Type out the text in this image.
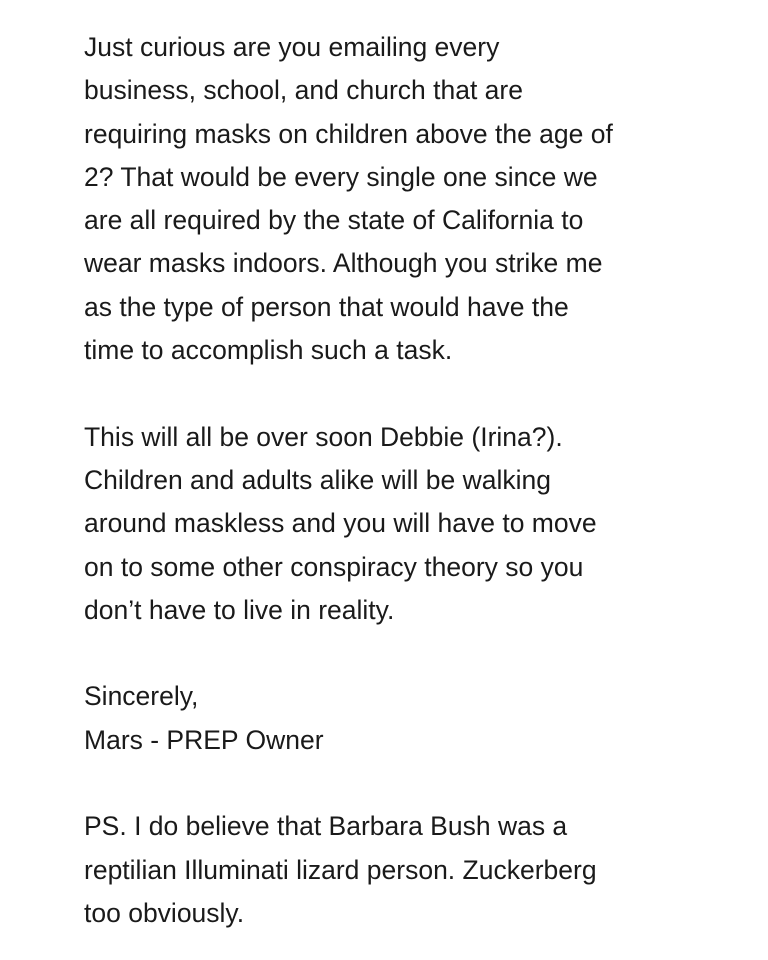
Just curious are you emailing every
business, school, and church that are
requiring masks on children above the age of
2? That would be every single one since we
are all required by the state of California to
wear masks indoors. Although you strike me
as the type of person that would have the
time to accomplish such a task.

This will all be over soon Debbie (Irina?).
Children and adults alike will be walking
around maskless and you will have to move
on to some other conspiracy theory so you
don’t have to live in reality.

Sincerely,
Mars - PREP Owner

PS. I do believe that Barbara Bush was a
reptilian Illuminati lizard person. Zuckerberg
too obviously.
